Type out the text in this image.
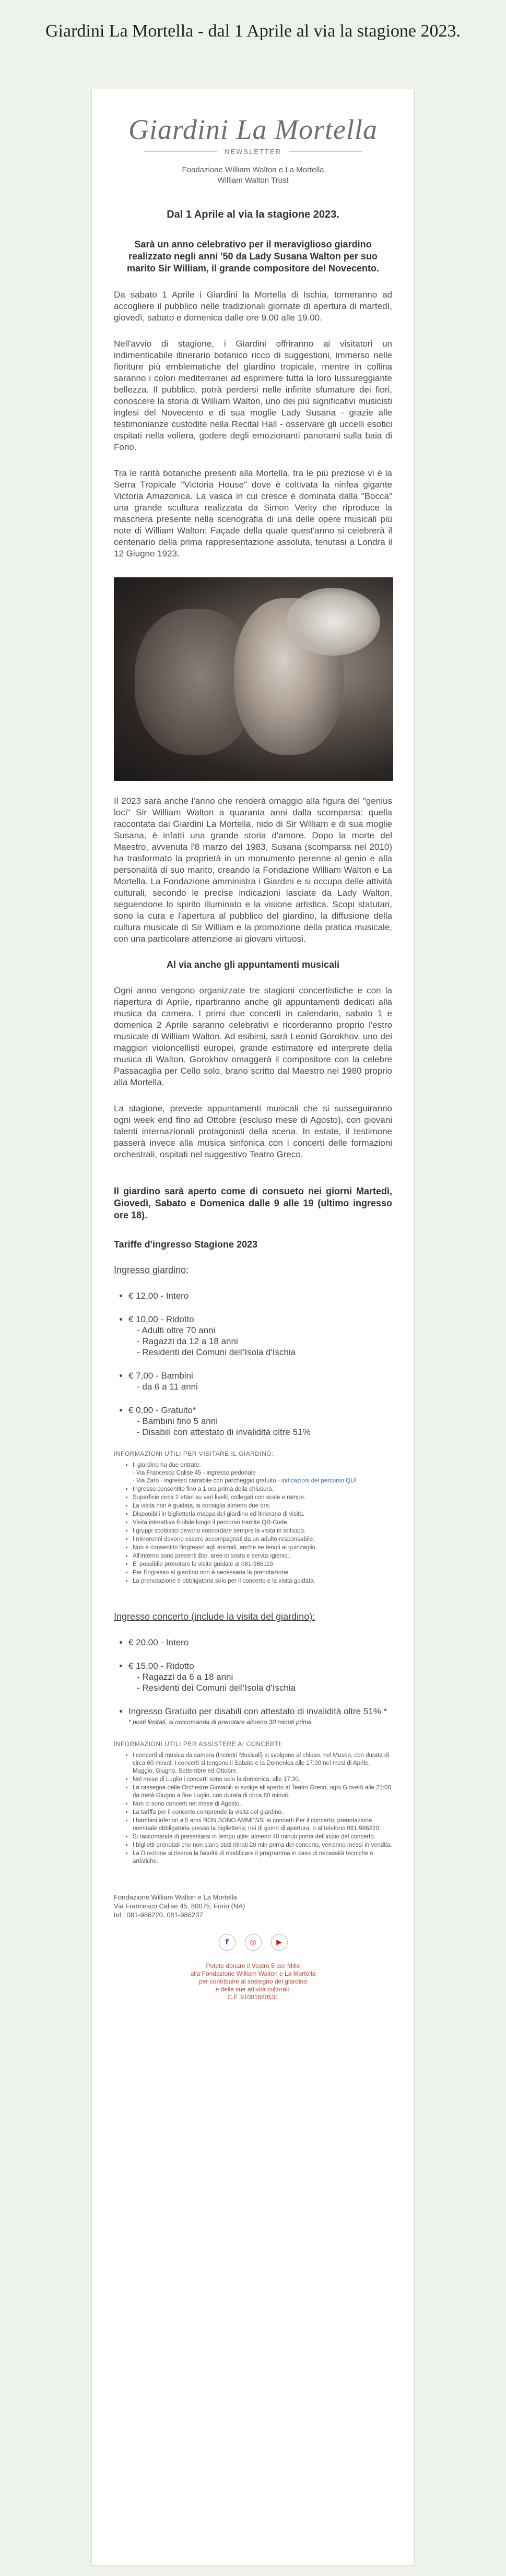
Giardini La Mortella - dal 1 Aprile al via la stagione 2023.
Giardini La Mortella
NEWSLETTER
Fondazione William Walton e La Mortella
William Walton Trust
Dal 1 Aprile al via la stagione 2023.
Sarà un anno celebrativo per il meraviglioso giardino realizzato negli anni '50 da Lady Susana Walton per suo marito Sir William, il grande compositore del Novecento.

Da sabato 1 Aprile i Giardini la Mortella di Ischia, torneranno ad accogliere il pubblico nelle tradizionali giornate di apertura di martedì, giovedì, sabato e domenica dalle ore 9.00 alle 19.00.

Nell'avvio di stagione, i Giardini offriranno ai visitatori un indimenticabile itinerario botanico ricco di suggestioni, immerso nelle fioriture più emblematiche del giardino tropicale, mentre in collina saranno i colori mediterranei ad esprimere tutta la loro lussureggiante bellezza. Il pubblico, potrà perdersi nelle infinite sfumature dei fiori, conoscere la storia di William Walton, uno dei più significativi musicisti inglesi del Novecento e di sua moglie Lady Susana - grazie alle testimonianze custodite nella Recital Hall - osservare gli uccelli esotici ospitati nella voliera, godere degli emozionanti panorami sulla baia di Forio.

Tra le rarità botaniche presenti alla Mortella, tra le più preziose vi è la Serra Tropicale "Victoria House" dove è coltivata la ninfea gigante Victoria Amazonica. La vasca in cui cresce è dominata dalla "Bocca" una grande scultura realizzata da Simon Verity che riproduce la maschera presente nella scenografia di una delle opere musicali più note di William Walton: Façade della quale quest'anno si celebrerà il centenario della prima rappresentazione assoluta, tenutasi a Londra il 12 Giugno 1923.

Il 2023 sarà anche l'anno che renderà omaggio alla figura del "genius loci" Sir William Walton a quaranta anni dalla scomparsa: quella raccontata dai Giardini La Mortella, nido di Sir William e di sua moglie Susana, è infatti una grande storia d'amore. Dopo la morte del Maestro, avvenuta l'8 marzo del 1983, Susana (scomparsa nel 2010) ha trasformato la proprietà in un monumento perenne al genio e alla personalità di suo marito, creando la Fondazione William Walton e La Mortella. La Fondazione amministra i Giardini e si occupa delle attività culturali, secondo le precise indicazioni lasciate da Lady Walton, seguendone lo spirito illuminato e la visione artistica. Scopi statutari, sono la cura e l'apertura al pubblico del giardino, la diffusione della cultura musicale di Sir William e la promozione della pratica musicale, con una particolare attenzione ai giovani virtuosi.

Al via anche gli appuntamenti musicali

Ogni anno vengono organizzate tre stagioni concertistiche e con la riapertura di Aprile, ripartiranno anche gli appuntamenti dedicati alla musica da camera. I primi due concerti in calendario, sabato 1 e domenica 2 Aprile saranno celebrativi e ricorderanno proprio l'estro musicale di William Walton. Ad esibirsi, sarà Leonid Gorokhov, uno dei maggiori violoncellisti europei, grande estimatore ed interprete della musica di Walton. Gorokhov omaggerà il compositore con la celebre Passacaglia per Cello solo, brano scritto dal Maestro nel 1980 proprio alla Mortella.

La stagione, prevede appuntamenti musicali che si susseguiranno ogni week end fino ad Ottobre (escluso mese di Agosto), con giovani talenti internazionali protagonisti della scena. In estate, il testimone passerà invece alla musica sinfonica con i concerti delle formazioni orchestrali, ospitati nel suggestivo Teatro Greco.

Il giardino sarà aperto come di consueto nei giorni Martedì, Giovedì, Sabato e Domenica dalle 9 alle 19 (ultimo ingresso ore 18).
Tariffe d'ingresso Stagione 2023
Ingresso giardino:
• € 12,00 - Intero
• € 10,00 - Ridotto
- Adulti oltre 70 anni
- Ragazzi da 12 a 18 anni
- Residenti dei Comuni dell'Isola d'Ischia
• € 7,00 - Bambini
- da 6 a 11 anni
• € 0,00 - Gratuito*
- Bambini fino 5 anni
- Disabili con attestato di invalidità oltre 51%
INFORMAZIONI UTILI PER VISITARE IL GIARDINO:
• Il giardino ha due entrate:
- Via Francesco Calise 45 - ingresso pedonale
- Via Zaro - ingresso carrabile con parcheggio gratuito - indicazioni del percorso QUI
• Ingresso consentito fino a 1 ora prima della chiusura.
• Superficie circa 2 ettari su vari livelli, collegati con scale e rampe.
• La visita non è guidata, si consiglia almeno due ore.
• Disponibili in biglietteria mappa del giardino ed itinerario di visita.
• Visita interattiva fruibile lungo il percorso tramite QR-Code.
• I gruppi scolastici devono concordare sempre la visita in anticipo.
• I minorenni devono essere accompagnati da un adulto responsabile.
• Non è consentito l'ingresso agli animali, anche se tenuti al guinzaglio.
• All'interno sono presenti Bar, aree di sosta e servizi igienici.
• E' possibile prenotare le visite guidate al 081-986119.
• Per l'ingresso al giardino non è necessaria la prenotazione.
• La prenotazione è obbligatoria solo per il concerto e la visita guidata.
Ingresso concerto (include la visita del giardino):
• € 20,00 - Intero
• € 15,00 - Ridotto
- Ragazzi da 6 a 18 anni
- Residenti dei Comuni dell'Isola d'Ischia
• Ingresso Gratuito per disabili con attestato di invalidità oltre 51% *
* posti limitati, si raccomanda di prenotare almeno 30 minuti prima
INFORMAZIONI UTILI PER ASSISTERE AI CONCERTI:
• I concerti di musica da camera (Incontri Musicali) si svolgono al chiuso, nel Museo, con durata di circa 60 minuti. I concerti si tengono il Sabato e la Domenica alle 17:00 nei mesi di Aprile, Maggio, Giugno, Settembre ed Ottobre.
• Nel mese di Luglio i concerti sono solo la domenica, alle 17:30.
• La rassegna delle Orchestre Giovanili si svolge all'aperto al Teatro Greco, ogni Giovedì alle 21:00 da metà Giugno a fine Luglio, con durata di circa 80 minuti.
• Non ci sono concerti nel mese di Agosto.
• La tariffa per il concerto comprende la visita del giardino.
• I bambini inferiori a 5 anni NON SONO AMMESSI ai concerti.Per il concerto, prenotazione nominale obbligatoria presso la biglietteria; nei di giorni di apertura, o al telefono 081-986220.
• Si raccomanda di presentarsi in tempo utile: almeno 40 minuti prima dell'inizio del concerto.
• I biglietti prenotati che non siano stati ritirati 20 min prima del concerto, verranno messi in vendita.
• La Direzione si riserva la facoltà di modificare il programma in caso di necessità tecniche o artistiche.
Fondazione William Walton e La Mortella
Via Francesco Calise 45, 80075, Forio (NA)
tel.: 081-986220, 081-986237
f	◎	▶
Potete donare il Vostro 5 per Mille
alla Fondazione William Walton e La Mortella
per contribuire al sostegno del giardino
e delle sue attività culturali.
C.F. 91001680531
